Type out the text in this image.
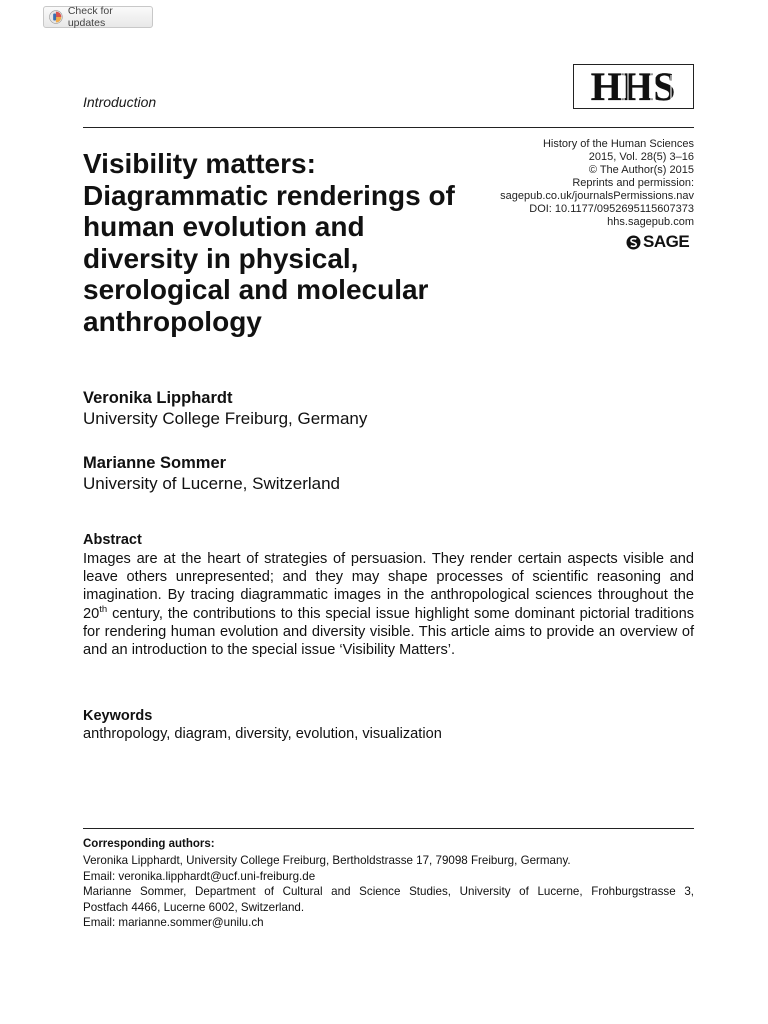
Check for updates
Introduction	HHS
Visibility matters: Diagrammatic renderings of human evolution and diversity in physical, serological and molecular anthropology
History of the Human Sciences
2015, Vol. 28(5) 3–16
© The Author(s) 2015
Reprints and permission:
sagepub.co.uk/journalsPermissions.nav
DOI: 10.1177/0952695115607373
hhs.sagepub.com
SAGE
Veronika Lipphardt
University College Freiburg, Germany
Marianne Sommer
University of Lucerne, Switzerland
Abstract

Images are at the heart of strategies of persuasion. They render certain aspects visible and leave others unrepresented; and they may shape processes of scientific reasoning and imagination. By tracing diagrammatic images in the anthropological sciences throughout the 20th century, the contributions to this special issue highlight some dominant pictorial traditions for rendering human evolution and diversity visible. This article aims to provide an overview of and an introduction to the special issue ‘Visibility Matters’.

Keywords
anthropology, diagram, diversity, evolution, visualization
Corresponding authors:
Veronika Lipphardt, University College Freiburg, Bertholdstrasse 17, 79098 Freiburg, Germany.
Email: veronika.lipphardt@ucf.uni-freiburg.de
Marianne Sommer, Department of Cultural and Science Studies, University of Lucerne, Frohburgstrasse 3,
Postfach 4466, Lucerne 6002, Switzerland.
Email: marianne.sommer@unilu.ch
